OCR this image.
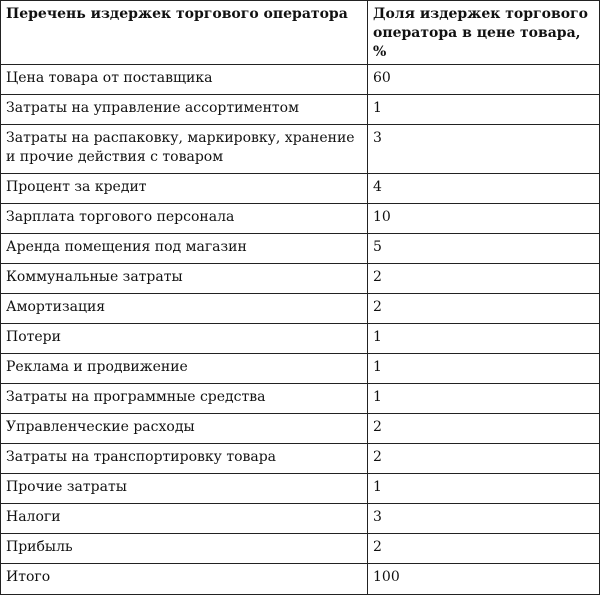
Перечень издержек торгового оператора	Доля издержек торгового оператора в цене товара, %
Цена товара от поставщика	60
Затраты на управление ассортиментом	1
Затраты на распаковку, маркировку, хранение и прочие действия с товаром	3
Процент за кредит	4
Зарплата торгового персонала	10
Аренда помещения под магазин	5
Коммунальные затраты	2
Амортизация	2
Потери	1
Реклама и продвижение	1
Затраты на программные средства	1
Управленческие расходы	2
Затраты на транспортировку товара	2
Прочие затраты	1
Налоги	3
Прибыль	2
Итого	100
